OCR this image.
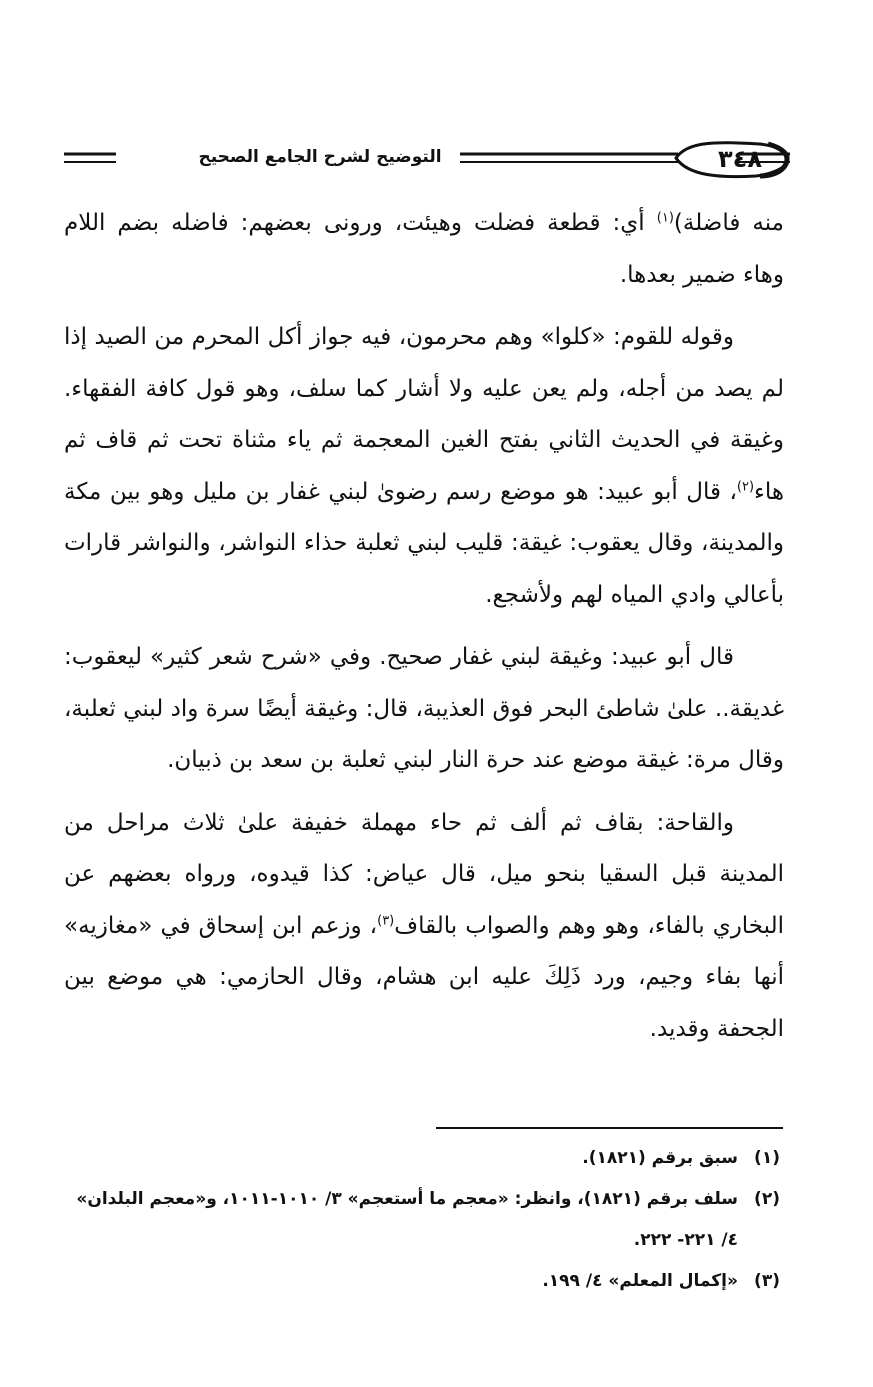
٣٤٨
التوضيح لشرح الجامع الصحيح

منه فاضلة)$^{(١)}$ أي: قطعة فضلت وهيئت، ورونى بعضهم: فاضله بضم اللام وهاء ضمير بعدها.

وقوله للقوم: «كلوا» وهم محرمون، فيه جواز أكل المحرم من الصيد إذا لم يصد من أجله، ولم يعن عليه ولا أشار كما سلف، وهو قول كافة الفقهاء. وغيقة في الحديث الثاني بفتح الغين المعجمة ثم ياء مثناة تحت ثم قاف ثم هاء$^{(٢)}$، قال أبو عبيد: هو موضع رسم رضوىٰ لبني غفار بن مليل وهو بين مكة والمدينة، وقال يعقوب: غيقة: قليب لبني ثعلبة حذاء النواشر، والنواشر قارات بأعالي وادي المياه لهم ولأشجع.

قال أبو عبيد: وغيقة لبني غفار صحيح. وفي «شرح شعر كثير» ليعقوب: غديقة.. علىٰ شاطئ البحر فوق العذيبة، قال: وغيقة أيضًا سرة واد لبني ثعلبة، وقال مرة: غيقة موضع عند حرة النار لبني ثعلبة بن سعد بن ذبيان.

والقاحة: بقاف ثم ألف ثم حاء مهملة خفيفة علىٰ ثلاث مراحل من المدينة قبل السقيا بنحو ميل، قال عياض: كذا قيدوه، ورواه بعضهم عن البخاري بالفاء، وهو وهم والصواب بالقاف$^{(٣)}$، وزعم ابن إسحاق في «مغازيه» أنها بفاء وجيم، ورد ذَلِكَ عليه ابن هشام، وقال الحازمي: هي موضع بين الجحفة وقديد.

(١)
سبق برقم (١٨٢١).

(٢)
سلف برقم (١٨٢١)، وانظر: «معجم ما أستعجم» ٣/ ١٠١٠-١٠١١، و«معجم البلدان» ٤/ ٢٢١- ٢٢٢.

(٣)
«إكمال المعلم» ٤/ ١٩٩.
